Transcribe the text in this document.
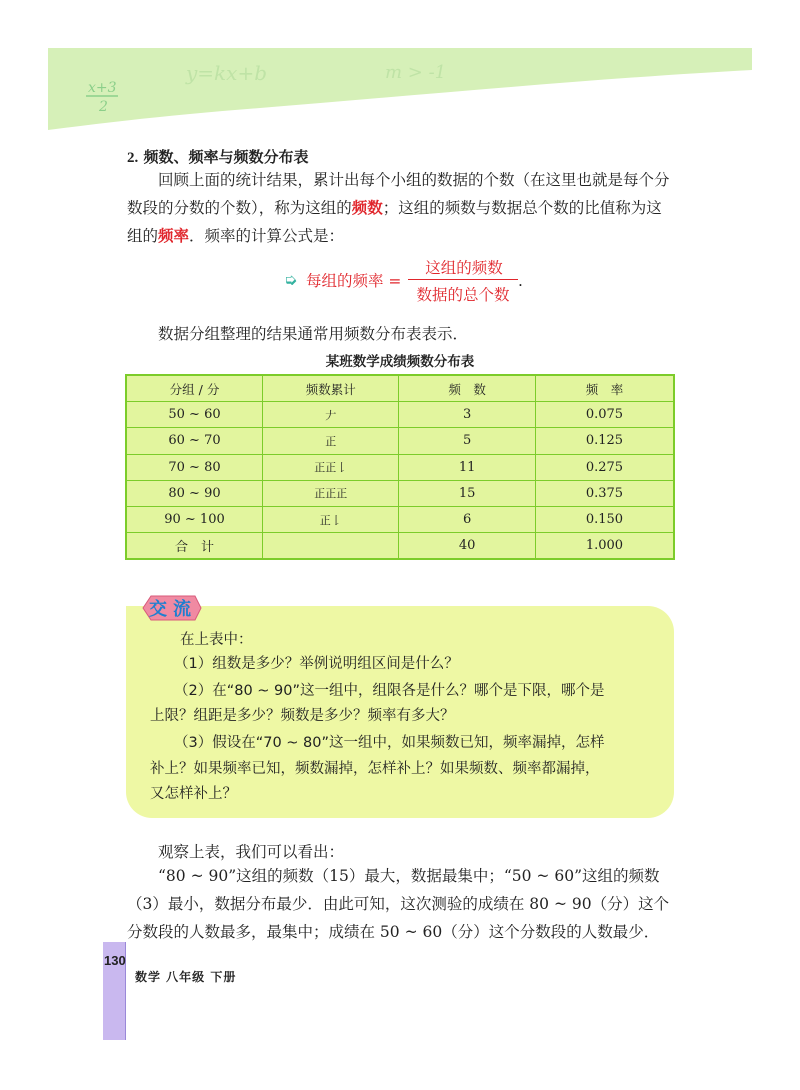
x+3
2
y=kx+b	m > -1
2. 频数、频率与频数分布表
回顾上面的统计结果，累计出每个小组的数据的个数（在这里也就是每个分数段的分数的个数），称为这组的频数；这组的频数与数据总个数的比值称为这组的频率．频率的计算公式是：
➭ 每组的频率 =
这组的频数
数据的总个数
.
数据分组整理的结果通常用频数分布表表示．
某班数学成绩频数分布表
分组 / 分	频数累计	频　数	频　率
50 ~ 60	𠂇	3	0.075
60 ~ 70	正	5	0.125
70 ~ 80	正正𠄌	11	0.275
80 ~ 90	正正正	15	0.375
90 ~ 100	正𠄌	6	0.150
合　计		40	1.000
交 流
在上表中：
（1）组数是多少？举例说明组区间是什么？
（2）在“80 ~ 90”这一组中，组限各是什么？哪个是下限，哪个是
上限？组距是多少？频数是多少？频率有多大？
（3）假设在“70 ~ 80”这一组中，如果频数已知，频率漏掉，怎样
补上？如果频率已知，频数漏掉，怎样补上？如果频数、频率都漏掉，
又怎样补上？
观察上表，我们可以看出：
“80 ~ 90”这组的频数（15）最大，数据最集中；“50 ~ 60”这组的频数（3）最小，数据分布最少．由此可知，这次测验的成绩在 80 ~ 90（分）这个分数段的人数最多，最集中；成绩在 50 ~ 60（分）这个分数段的人数最少．
130
数学 八年级 下册
